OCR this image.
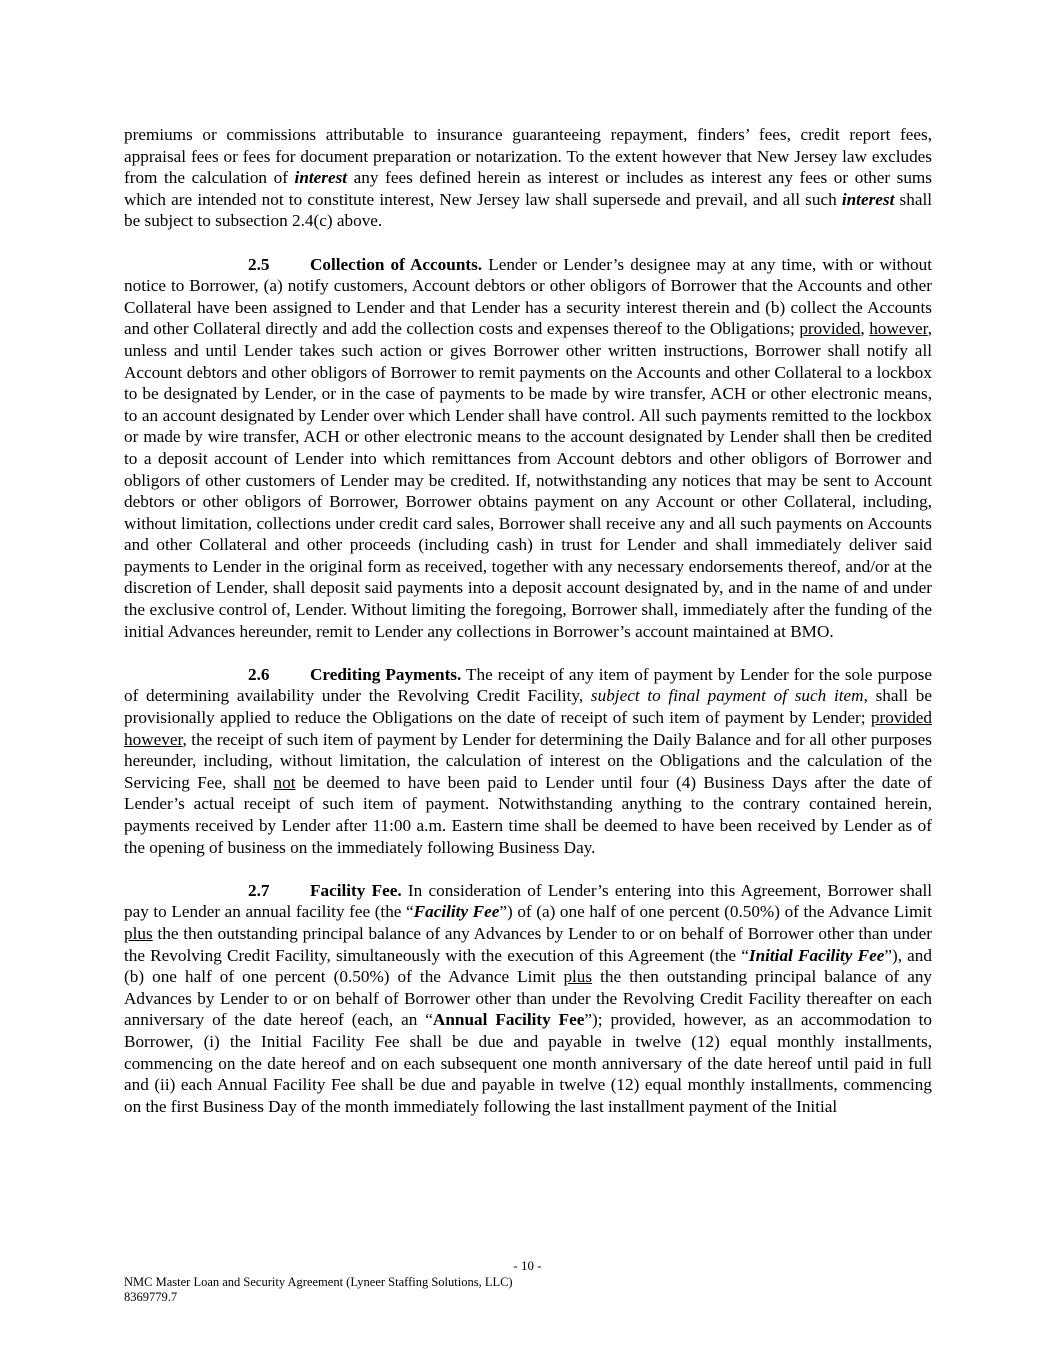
premiums or commissions attributable to insurance guaranteeing repayment, finders’ fees, credit report fees, appraisal fees or fees for document preparation or notarization. To the extent however that New Jersey law excludes from the calculation of interest any fees defined herein as interest or includes as interest any fees or other sums which are intended not to constitute interest, New Jersey law shall supersede and prevail, and all such interest shall be subject to subsection 2.4(c) above.

2.5 Collection of Accounts. Lender or Lender’s designee may at any time, with or without notice to Borrower, (a) notify customers, Account debtors or other obligors of Borrower that the Accounts and other Collateral have been assigned to Lender and that Lender has a security interest therein and (b) collect the Accounts and other Collateral directly and add the collection costs and expenses thereof to the Obligations; provided, however, unless and until Lender takes such action or gives Borrower other written instructions, Borrower shall notify all Account debtors and other obligors of Borrower to remit payments on the Accounts and other Collateral to a lockbox to be designated by Lender, or in the case of payments to be made by wire transfer, ACH or other electronic means, to an account designated by Lender over which Lender shall have control. All such payments remitted to the lockbox or made by wire transfer, ACH or other electronic means to the account designated by Lender shall then be credited to a deposit account of Lender into which remittances from Account debtors and other obligors of Borrower and obligors of other customers of Lender may be credited. If, notwithstanding any notices that may be sent to Account debtors or other obligors of Borrower, Borrower obtains payment on any Account or other Collateral, including, without limitation, collections under credit card sales, Borrower shall receive any and all such payments on Accounts and other Collateral and other proceeds (including cash) in trust for Lender and shall immediately deliver said payments to Lender in the original form as received, together with any necessary endorsements thereof, and/or at the discretion of Lender, shall deposit said payments into a deposit account designated by, and in the name of and under the exclusive control of, Lender. Without limiting the foregoing, Borrower shall, immediately after the funding of the initial Advances hereunder, remit to Lender any collections in Borrower’s account maintained at BMO.

2.6 Crediting Payments. The receipt of any item of payment by Lender for the sole purpose of determining availability under the Revolving Credit Facility, subject to final payment of such item, shall be provisionally applied to reduce the Obligations on the date of receipt of such item of payment by Lender; provided however, the receipt of such item of payment by Lender for determining the Daily Balance and for all other purposes hereunder, including, without limitation, the calculation of interest on the Obligations and the calculation of the Servicing Fee, shall not be deemed to have been paid to Lender until four (4) Business Days after the date of Lender’s actual receipt of such item of payment. Notwithstanding anything to the contrary contained herein, payments received by Lender after 11:00 a.m. Eastern time shall be deemed to have been received by Lender as of the opening of business on the immediately following Business Day.

2.7 Facility Fee. In consideration of Lender’s entering into this Agreement, Borrower shall pay to Lender an annual facility fee (the “Facility Fee”) of (a) one half of one percent (0.50%) of the Advance Limit plus the then outstanding principal balance of any Advances by Lender to or on behalf of Borrower other than under the Revolving Credit Facility, simultaneously with the execution of this Agreement (the “Initial Facility Fee”), and (b) one half of one percent (0.50%) of the Advance Limit plus the then outstanding principal balance of any Advances by Lender to or on behalf of Borrower other than under the Revolving Credit Facility thereafter on each anniversary of the date hereof (each, an “Annual Facility Fee”); provided, however, as an accommodation to Borrower, (i) the Initial Facility Fee shall be due and payable in twelve (12) equal monthly installments, commencing on the date hereof and on each subsequent one month anniversary of the date hereof until paid in full and (ii) each Annual Facility Fee shall be due and payable in twelve (12) equal monthly installments, commencing on the first Business Day of the month immediately following the last installment payment of the Initial

- 10 -
NMC Master Loan and Security Agreement (Lyneer Staffing Solutions, LLC)
8369779.7
